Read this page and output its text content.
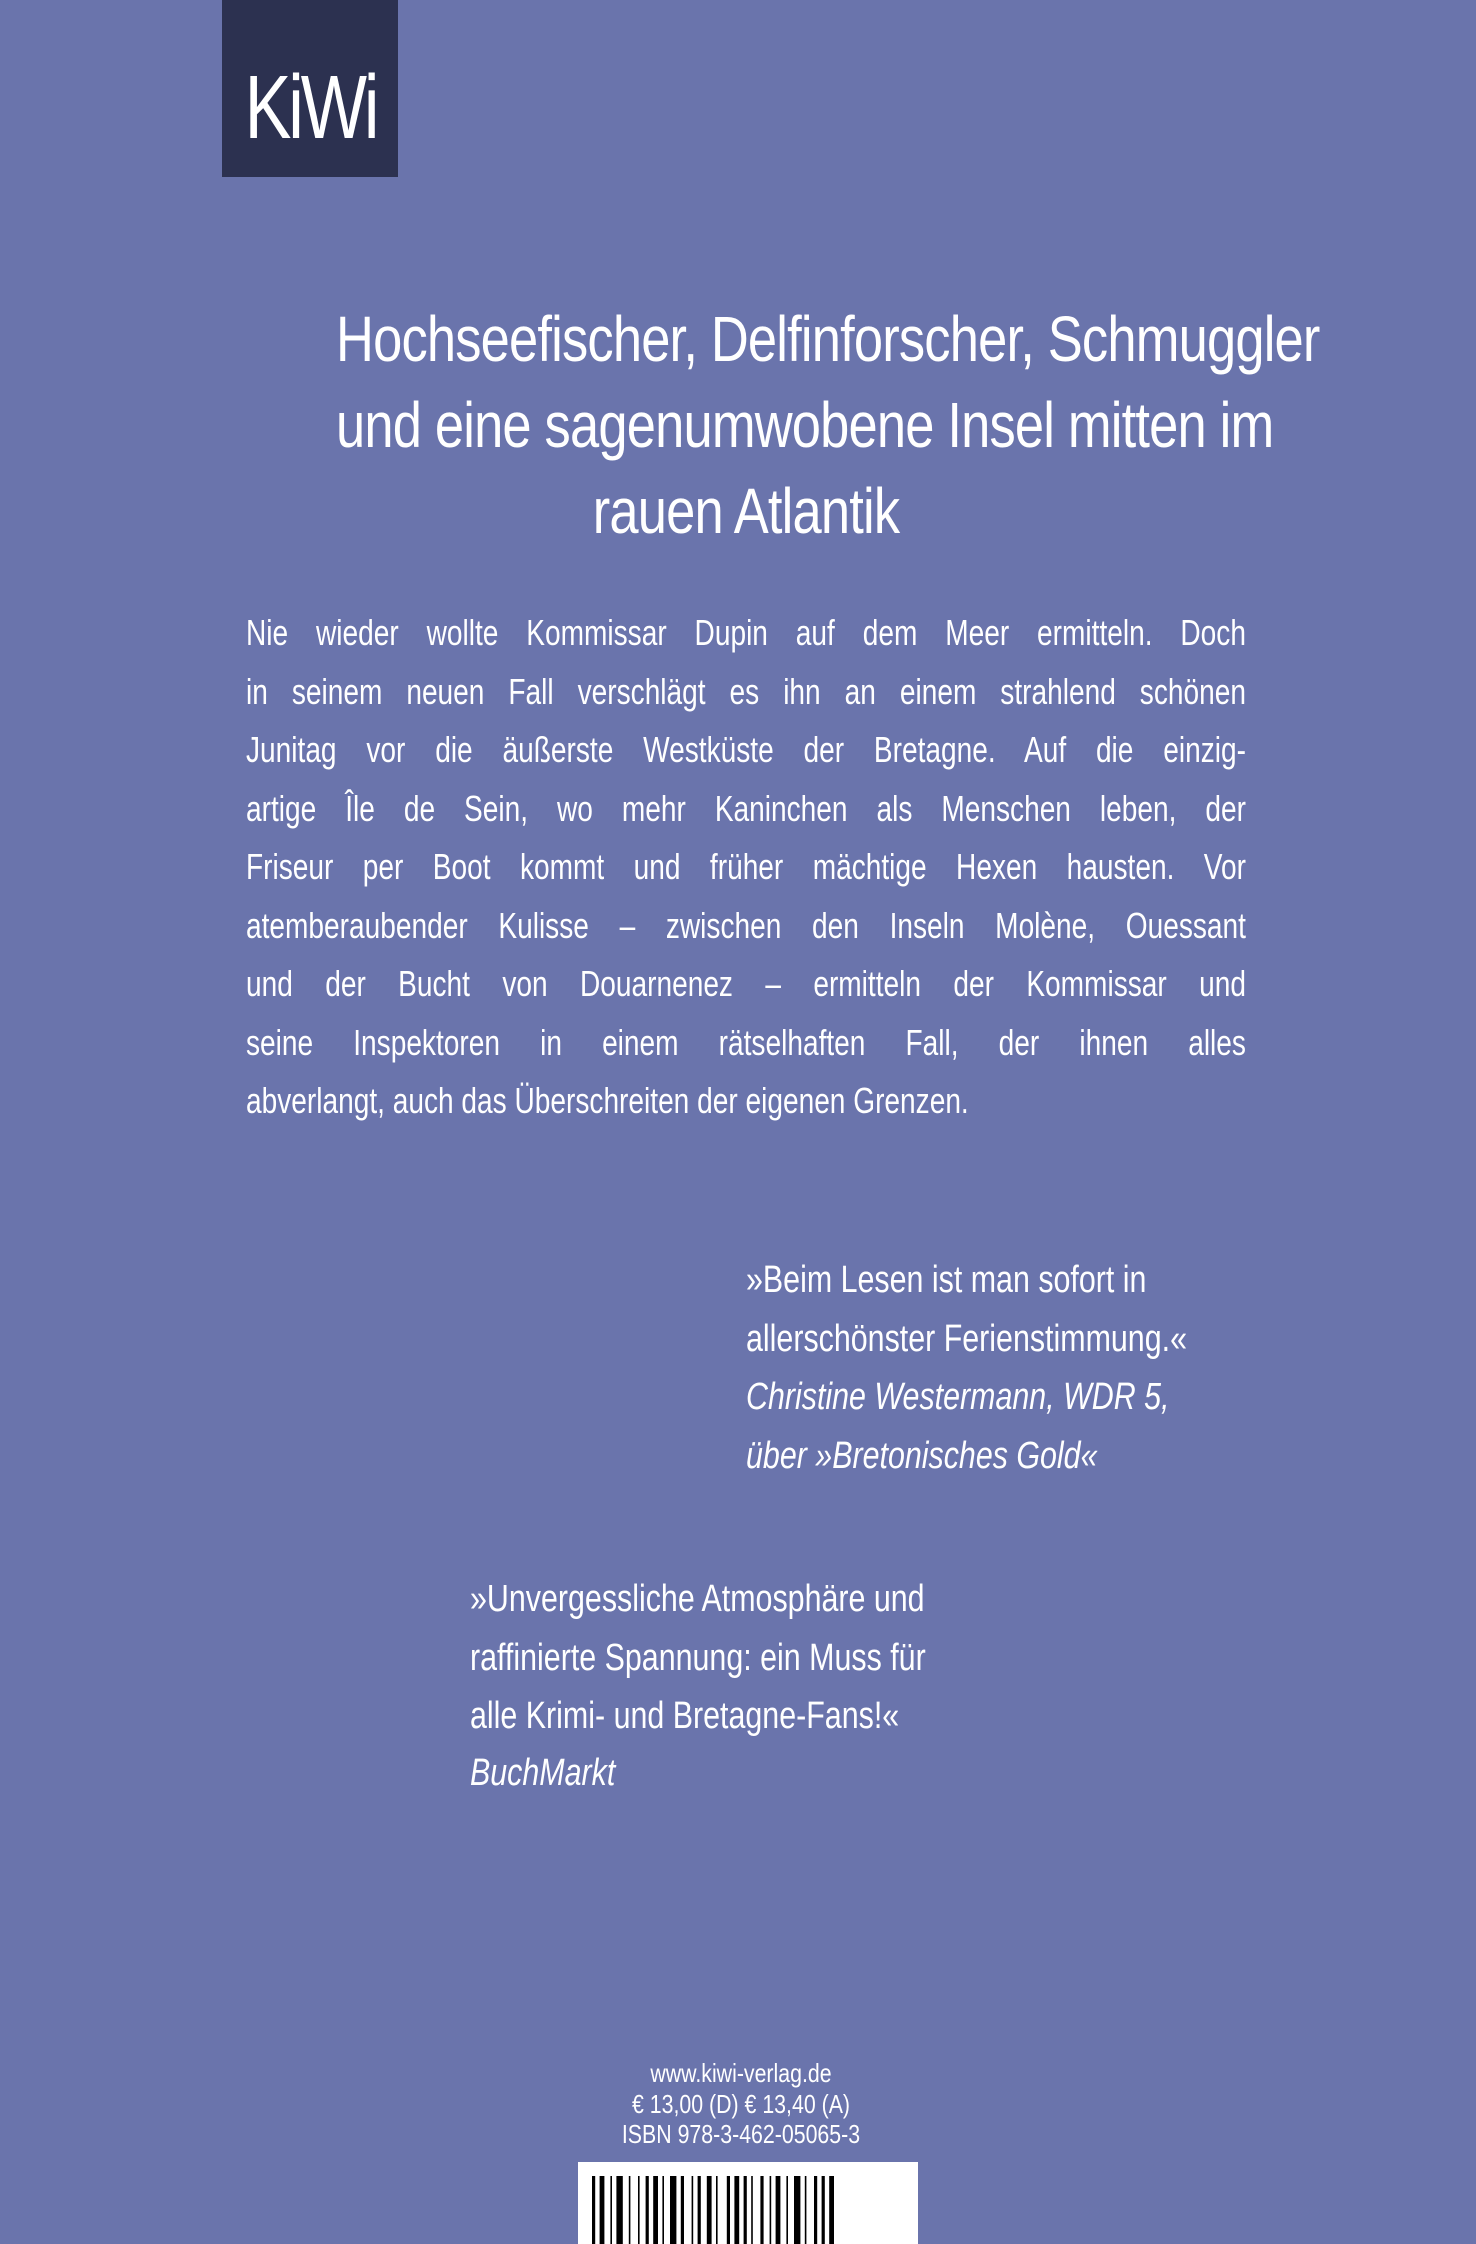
KiWi
Hochseefischer, Delfinforscher, Schmuggler
und eine sagenumwobene Insel mitten im
rauen Atlantik
Nie wieder wollte Kommissar Dupin auf dem Meer ermitteln. Doch
in seinem neuen Fall verschlägt es ihn an einem strahlend schönen
Junitag vor die äußerste Westküste der Bretagne. Auf die einzig-
artige Île de Sein, wo mehr Kaninchen als Menschen leben, der
Friseur per Boot kommt und früher mächtige Hexen hausten. Vor
atemberaubender Kulisse – zwischen den Inseln Molène, Ouessant
und der Bucht von Douarnenez – ermitteln der Kommissar und
seine Inspektoren in einem rätselhaften Fall, der ihnen alles
abverlangt, auch das Überschreiten der eigenen Grenzen.
»Beim Lesen ist man sofort in
allerschönster Ferienstimmung.«
Christine Westermann, WDR 5,
über »Bretonisches Gold«
»Unvergessliche Atmosphäre und
raffinierte Spannung: ein Muss für
alle Krimi- und Bretagne-Fans!«
BuchMarkt
www.kiwi-verlag.de
€ 13,00 (D) € 13,40 (A)
ISBN 978-3-462-05065-3
